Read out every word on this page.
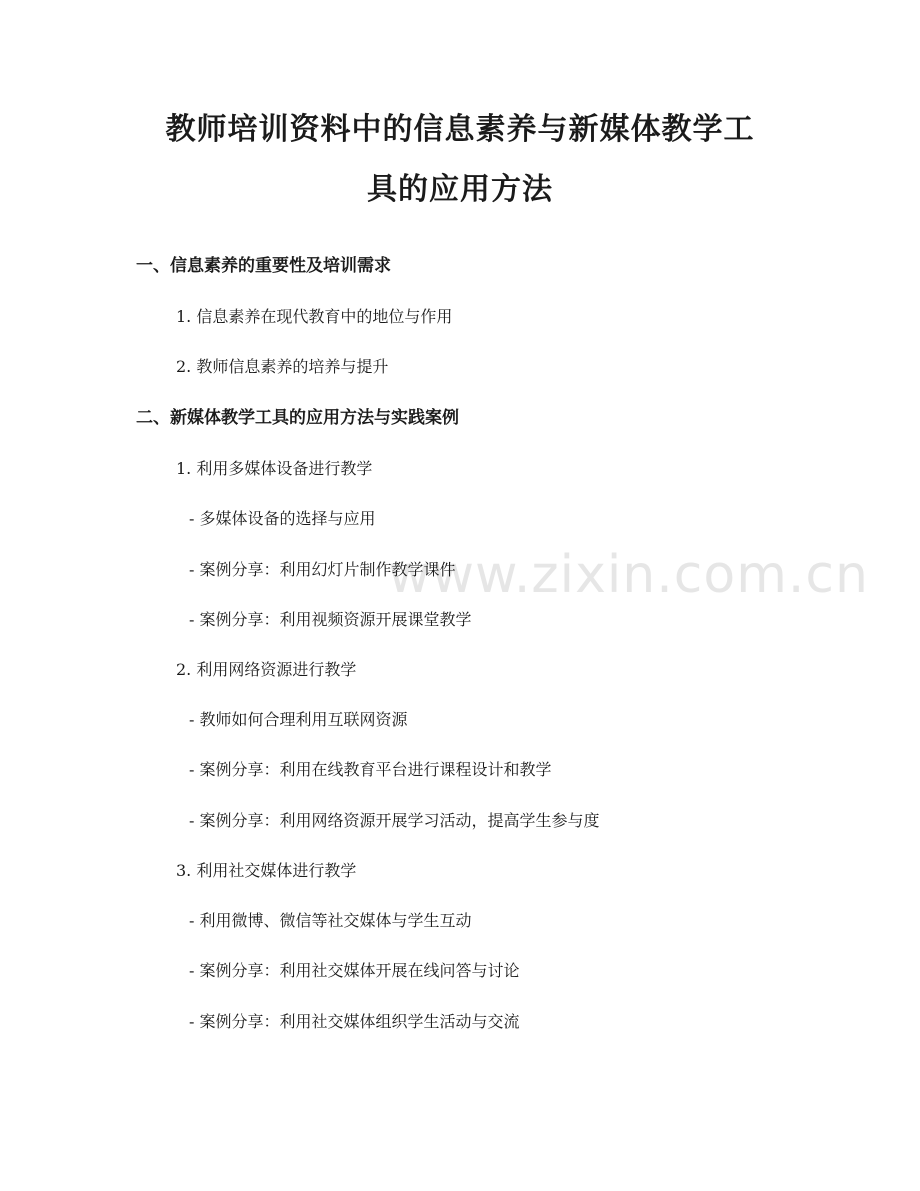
www.zixin.com.cn
教师培训资料中的信息素养与新媒体教学工
具的应用方法
一、信息素养的重要性及培训需求

1. 信息素养在现代教育中的地位与作用

2. 教师信息素养的培养与提升

二、新媒体教学工具的应用方法与实践案例

1. 利用多媒体设备进行教学

- 多媒体设备的选择与应用

- 案例分享：利用幻灯片制作教学课件

- 案例分享：利用视频资源开展课堂教学

2. 利用网络资源进行教学

- 教师如何合理利用互联网资源

- 案例分享：利用在线教育平台进行课程设计和教学

- 案例分享：利用网络资源开展学习活动，提高学生参与度

3. 利用社交媒体进行教学

- 利用微博、微信等社交媒体与学生互动

- 案例分享：利用社交媒体开展在线问答与讨论

- 案例分享：利用社交媒体组织学生活动与交流
